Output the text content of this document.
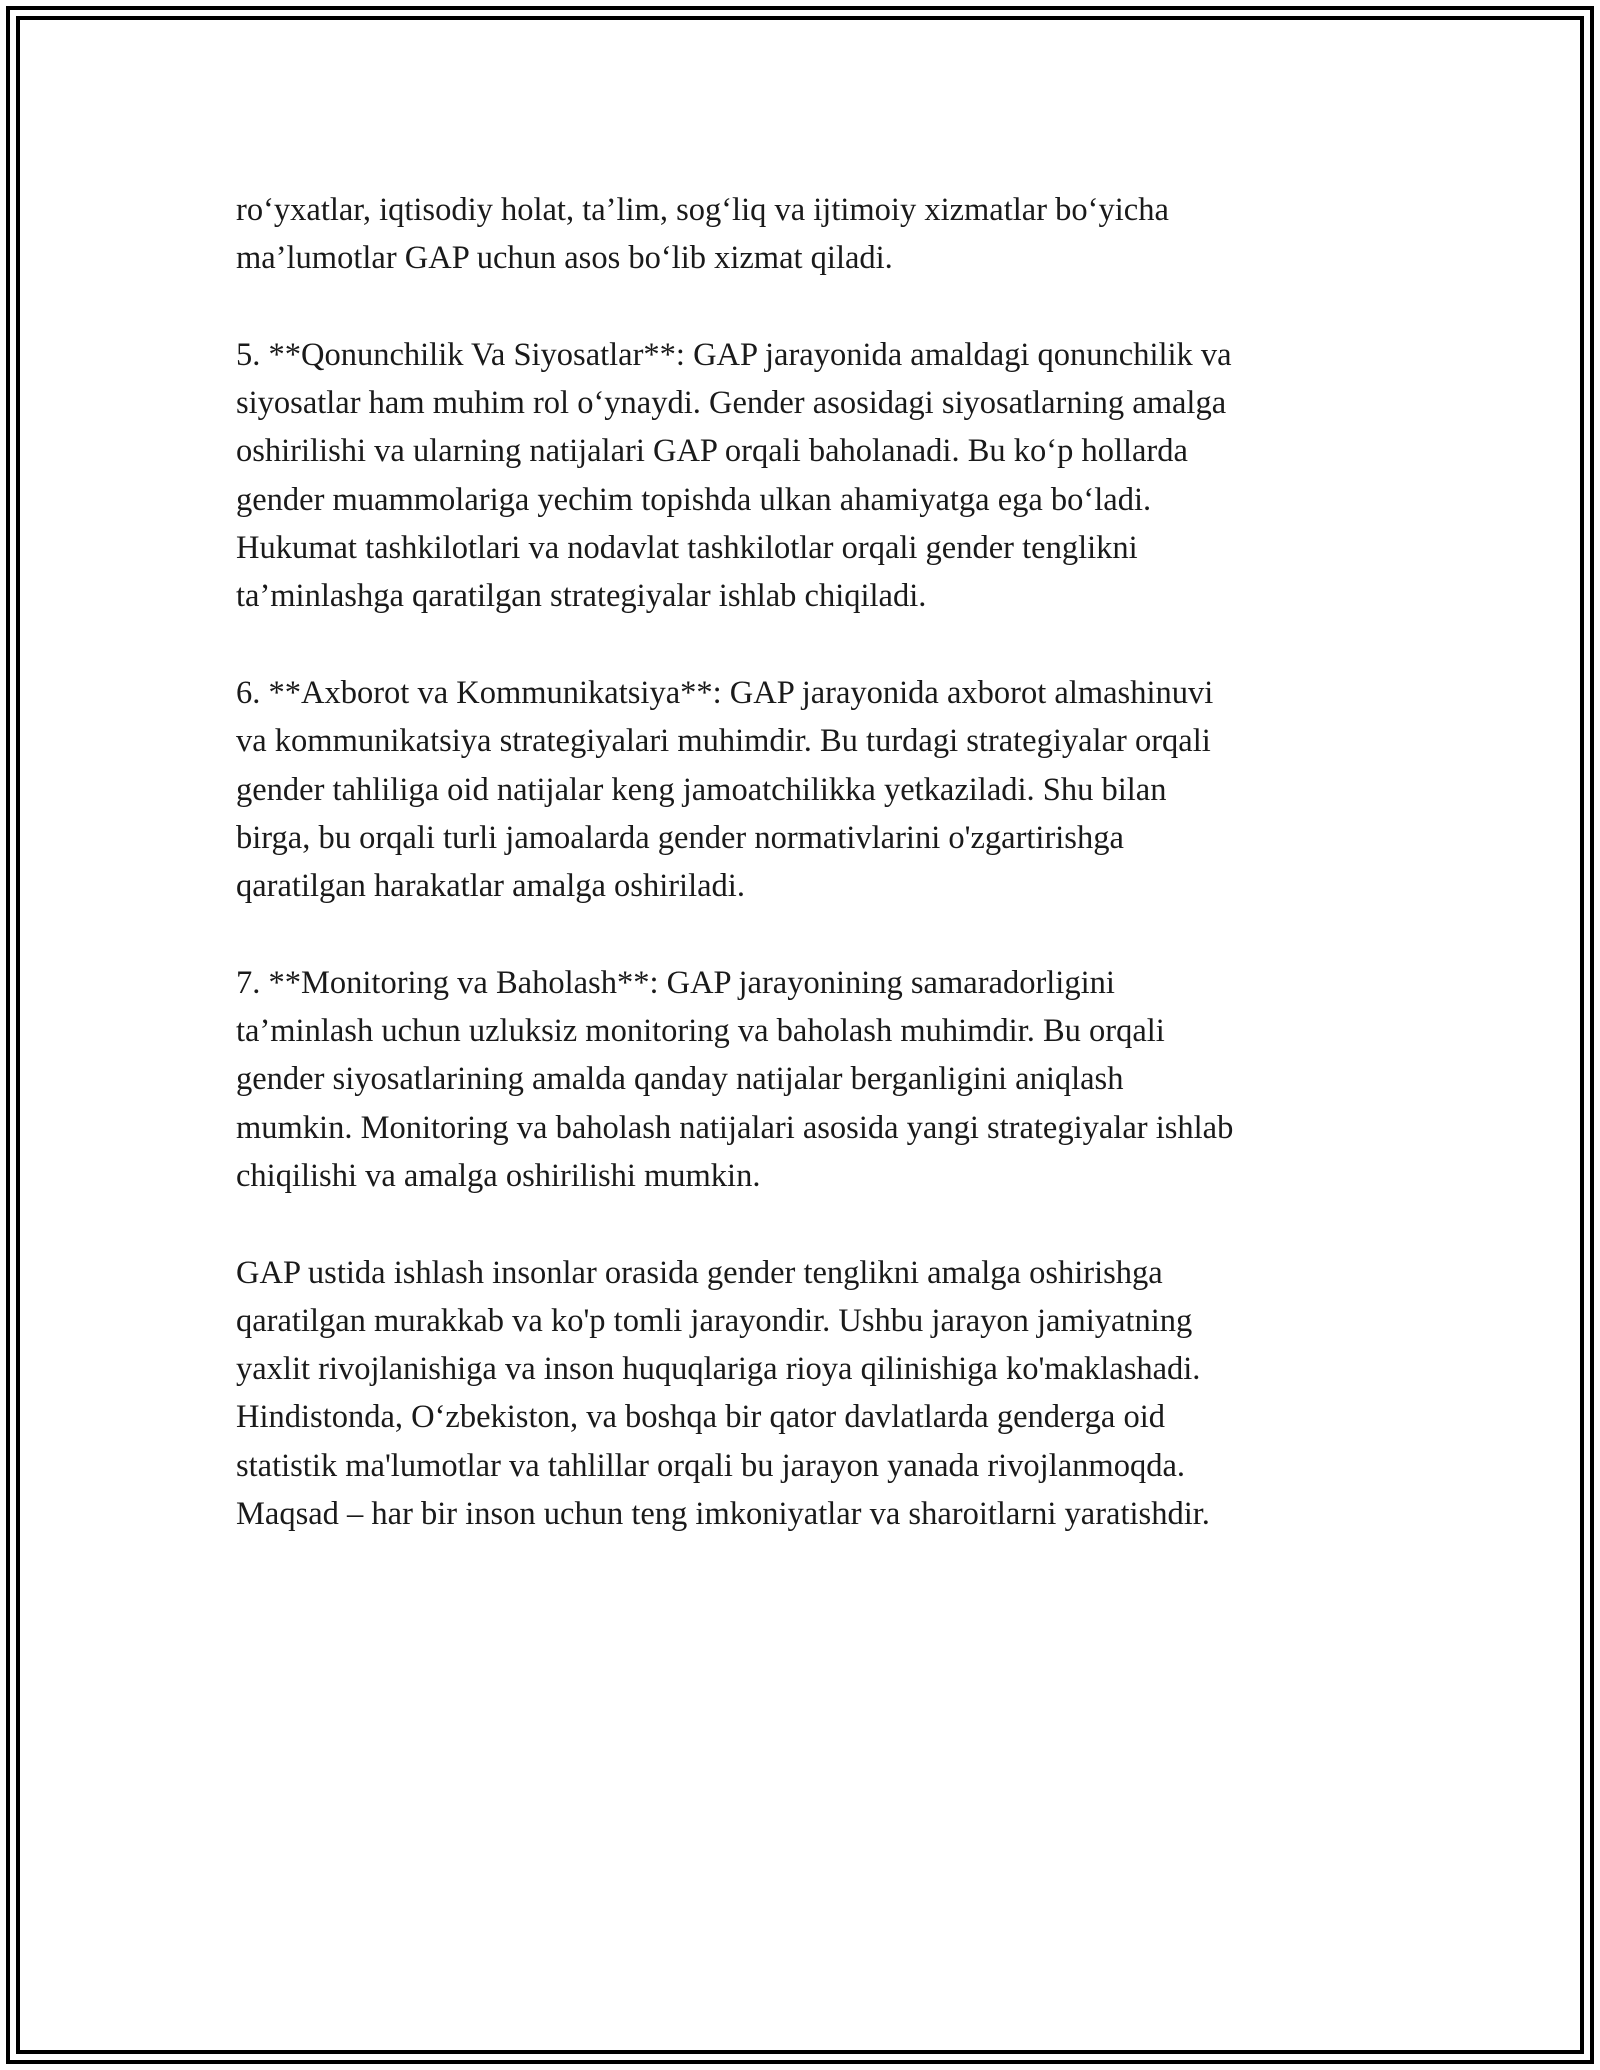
ro‘yxatlar, iqtisodiy holat, ta’lim, sog‘liq va ijtimoiy xizmatlar bo‘yicha
ma’lumotlar GAP uchun asos bo‘lib xizmat qiladi.

5. **Qonunchilik Va Siyosatlar**: GAP jarayonida amaldagi qonunchilik va
siyosatlar ham muhim rol o‘ynaydi. Gender asosidagi siyosatlarning amalga
oshirilishi va ularning natijalari GAP orqali baholanadi. Bu ko‘p hollarda
gender muammolariga yechim topishda ulkan ahamiyatga ega bo‘ladi.
Hukumat tashkilotlari va nodavlat tashkilotlar orqali gender tenglikni
ta’minlashga qaratilgan strategiyalar ishlab chiqiladi.

6. **Axborot va Kommunikatsiya**: GAP jarayonida axborot almashinuvi
va kommunikatsiya strategiyalari muhimdir. Bu turdagi strategiyalar orqali
gender tahliliga oid natijalar keng jamoatchilikka yetkaziladi. Shu bilan
birga, bu orqali turli jamoalarda gender normativlarini o'zgartirishga
qaratilgan harakatlar amalga oshiriladi.

7. **Monitoring va Baholash**: GAP jarayonining samaradorligini
ta’minlash uchun uzluksiz monitoring va baholash muhimdir. Bu orqali
gender siyosatlarining amalda qanday natijalar berganligini aniqlash
mumkin. Monitoring va baholash natijalari asosida yangi strategiyalar ishlab
chiqilishi va amalga oshirilishi mumkin.

GAP ustida ishlash insonlar orasida gender tenglikni amalga oshirishga
qaratilgan murakkab va ko'p tomli jarayondir. Ushbu jarayon jamiyatning
yaxlit rivojlanishiga va inson huquqlariga rioya qilinishiga ko'maklashadi.
Hindistonda, O‘zbekiston, va boshqa bir qator davlatlarda genderga oid
statistik ma'lumotlar va tahlillar orqali bu jarayon yanada rivojlanmoqda.
Maqsad – har bir inson uchun teng imkoniyatlar va sharoitlarni yaratishdir.
